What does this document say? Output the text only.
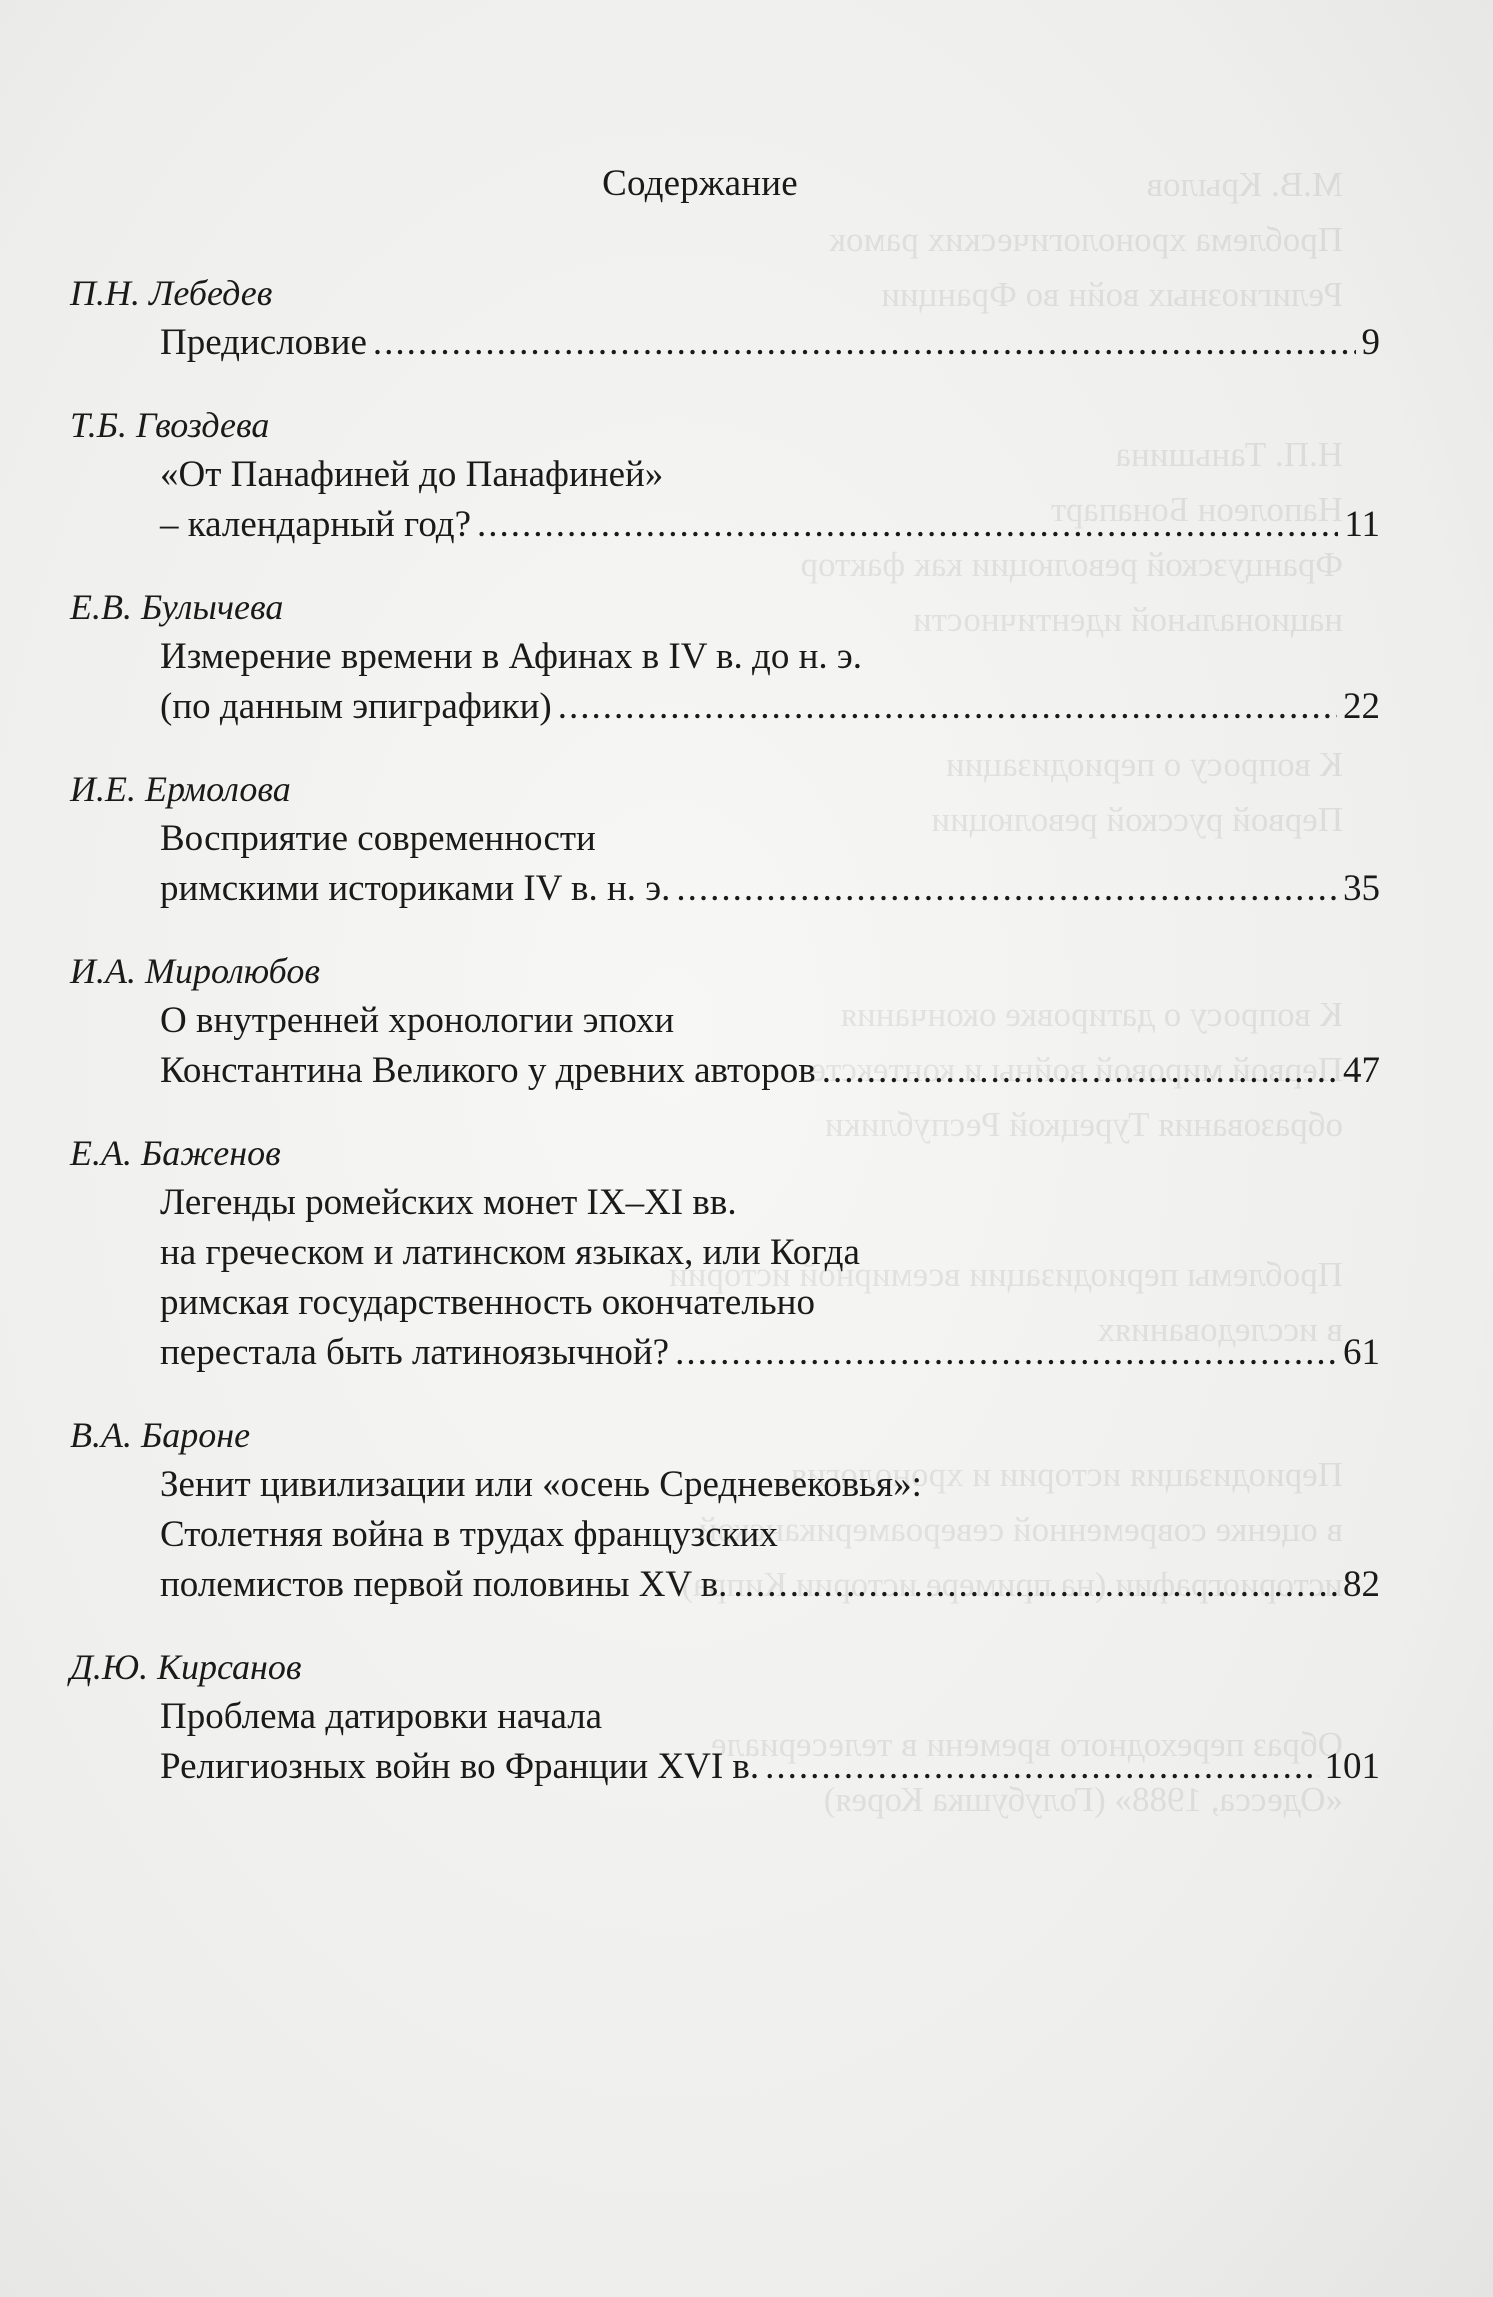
М.В. Крылов
Проблема хронологических рамок
Религиозных войн во Франции
Н.П. Таньшина
Наполеон Бонапарт
Французской революции как фактор
национальной идентичности
К вопросу о периодизации
Первой русской революции
К вопросу о датировке окончания
Первой мировой войны и контексте
образования Турецкой Республики
Проблемы периодизации всемирной истории
в исследованиях
Периодизация истории и хронология
в оценке современной североамериканской
историографии (на примере истории Кипра)
Образ переходного времени в телесериале
«Одесса, 1988» (Голубушка Корея)
Содержание
П.Н. Лебедев
Предисловие .....	9
Т.Б. Гвоздева
«От Панафиней до Панафиней»
– календарный год? .....	11
Е.В. Булычева
Измерение времени в Афинах в IV в. до н. э.
(по данным эпиграфики) .....	22
И.Е. Ермолова
Восприятие современности
римскими историками IV в. н. э. .....	35
И.А. Миролюбов
О внутренней хронологии эпохи
Константина Великого у древних авторов .....	47
Е.А. Баженов
Легенды ромейских монет IX–XI вв.
на греческом и латинском языках, или Когда
римская государственность окончательно
перестала быть латиноязычной? .....	61
В.А. Бароне
Зенит цивилизации или «осень Средневековья»:
Столетняя война в трудах французских
полемистов первой половины XV в. .....	82
Д.Ю. Кирсанов
Проблема датировки начала
Религиозных войн во Франции XVI в. .....	101
